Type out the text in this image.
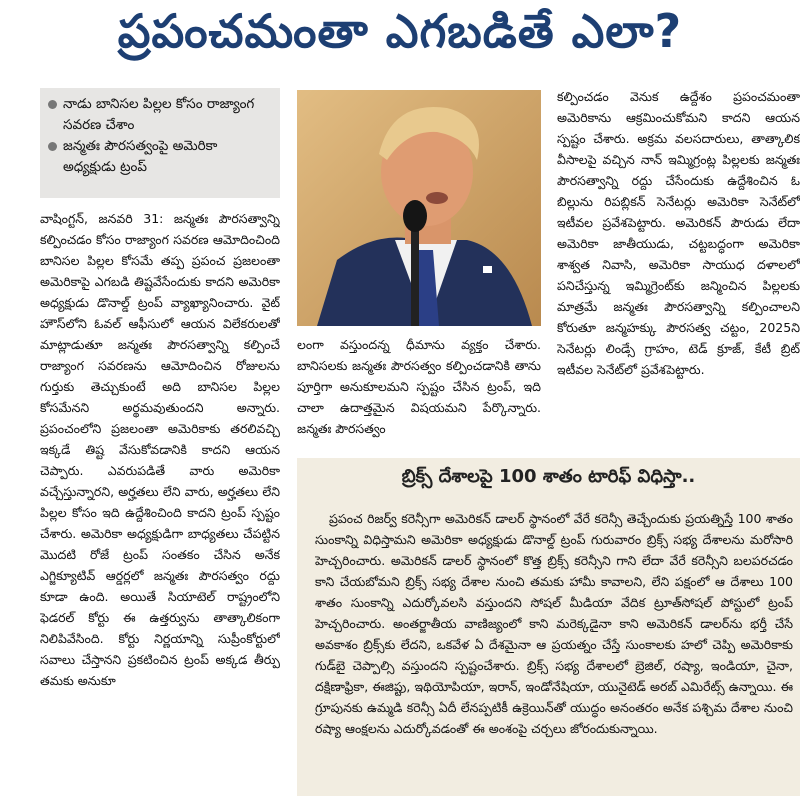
ప్రపంచమంతా ఎగబడితే ఎలా?
నాడు బానిసల పిల్లల కోసం రాజ్యాంగ సవరణ చేశాం
జన్మతః పౌరసత్వంపై అమెరికా అధ్యక్షుడు ట్రంప్
వాషింగ్టన్, జనవరి 31: జన్మతః పౌరసత్వాన్ని కల్పించడం కోసం రాజ్యాంగ సవరణ ఆమోదించింది బానిసల పిల్లల కోసమే తప్ప ప్రపంచ ప్రజలంతా అమెరికాపై ఎగబడి తిష్టవేసేందుకు కాదని అమెరికా అధ్యక్షుడు డొనాల్డ్ ట్రంప్ వ్యాఖ్యానించారు. వైట్ హౌస్‌లోని ఓవల్ ఆఫీసులో ఆయన విలేకరులతో మాట్లాడుతూ జన్మతః పౌరసత్వాన్ని కల్పించే రాజ్యాంగ సవరణను ఆమోదించిన రోజులను గుర్తుకు తెచ్చుకుంటే అది బానిసల పిల్లల కోసమేనని అర్థమవుతుందని అన్నారు. ప్రపంచంలోని ప్రజలంతా అమెరికాకు తరలివచ్చి ఇక్కడే తిష్ట వేసుకోవడానికి కాదని ఆయన చెప్పారు. ఎవరుపడితే వారు అమెరికా వచ్చేస్తున్నారని, అర్హతలు లేని వారు, అర్హతలు లేని పిల్లల కోసం ఇది ఉద్దేశించింది కాదని ట్రంప్ స్పష్టం చేశారు. అమెరికా అధ్యక్షుడిగా బాధ్యతలు చేపట్టిన మొదటి రోజే ట్రంప్ సంతకం చేసిన అనేక ఎగ్జిక్యూటివ్ ఆర్డర్లలో జన్మతః పౌరసత్వం రద్దు కూడా ఉంది. అయితే సియాటెల్ రాష్ట్రంలోని ఫెడరల్ కోర్టు ఈ ఉత్తర్వును తాత్కాలికంగా నిలిపివేసింది. కోర్టు నిర్ణయాన్ని సుప్రీంకోర్టులో సవాలు చేస్తానని ప్రకటించిన ట్రంప్ అక్కడ తీర్పు తమకు అనుకూ
లంగా వస్తుందన్న ధీమాను వ్యక్తం చేశారు. బానిసలకు జన్మతః పౌరసత్వం కల్పించడానికి తాను పూర్తిగా అనుకూలమని స్పష్టం చేసిన ట్రంప్, ఇది చాలా ఉదాత్తమైన విషయమని పేర్కొన్నారు. జన్మతః పౌరసత్వం
కల్పించడం వెనుక ఉద్దేశం ప్రపంచమంతా అమెరికాను ఆక్రమించుకోమని కాదని ఆయన స్పష్టం చేశారు. అక్రమ వలసదారులు, తాత్కాలిక వీసాలపై వచ్చిన నాన్ ఇమ్మిగ్రంట్ల పిల్లలకు జన్మతః పౌరసత్వాన్ని రద్దు చేసేందుకు ఉద్దేశించిన ఓ బిల్లును రిపబ్లికన్ సెనేటర్లు అమెరికా సెనేట్‌లో ఇటీవల ప్రవేశపెట్టారు. అమెరికన్ పౌరుడు లేదా అమెరికా జాతీయుడు, చట్టబద్ధంగా అమెరికా శాశ్వత నివాసి, అమెరికా సాయుధ దళాలలో పనిచేస్తున్న ఇమ్మిగ్రెంట్‌కు జన్మించిన పిల్లలకు మాత్రమే జన్మతః పౌరసత్వాన్ని కల్పించాలని కోరుతూ జన్మహక్కు పౌరసత్వ చట్టం, 2025ని సెనేటర్లు లిండ్సే గ్రాహం, టెడ్ క్రూజ్, కేటీ బ్రిట్ ఇటీవల సెనేట్‌లో ప్రవేశపెట్టారు.
బ్రిక్స్ దేశాలపై 100 శాతం టారిఫ్ విధిస్తా..
ప్రపంచ రిజర్వ్ కరెన్సీగా అమెరికన్ డాలర్ స్థానంలో వేరే కరెన్సీ తెచ్చేందుకు ప్రయత్నిస్తే 100 శాతం సుంకాన్ని విధిస్తామని అమెరికా అధ్యక్షుడు డొనాల్డ్ ట్రంప్ గురువారం బ్రిక్స్ సభ్య దేశాలను మరోసారి హెచ్చరించారు. అమెరికన్ డాలర్ స్థానంలో కొత్త బ్రిక్స్ కరెన్సీని గాని లేదా వేరే కరెన్సీని బలపరచడం కాని చేయబోమని బ్రిక్స్ సభ్య దేశాల నుంచి తమకు హామీ కావాలని, లేని పక్షంలో ఆ దేశాలు 100 శాతం సుంకాన్ని ఎదుర్కోవలసి వస్తుందని సోషల్ మీడియా వేదిక ట్రూత్‌సోషల్ పోస్టులో ట్రంప్ హెచ్చరించారు. అంతర్జాతీయ వాణిజ్యంలో కాని మరెక్కడైనా కాని అమెరికన్ డాలర్‌ను భర్తీ చేసే అవకాశం బ్రిక్స్‌కు లేదని, ఒకవేళ ఏ దేశమైనా ఆ ప్రయత్నం చేస్తే సుంకాలకు హలో చెప్పి అమెరికాకు గుడ్‌బై చెప్పాల్సి వస్తుందని స్పష్టంచేశారు. బ్రిక్స్ సభ్య దేశాలలో బ్రెజిల్, రష్యా, ఇండియా, చైనా, దక్షిణాఫ్రికా, ఈజిప్టు, ఇథియోపియా, ఇరాన్, ఇండోనేషియా, యునైటెడ్ అరబ్ ఎమిరేట్స్ ఉన్నాయి. ఈ గ్రూపునకు ఉమ్మడి కరెన్సీ ఏదీ లేనప్పటికీ ఉక్రెయిన్‌తో యుద్ధం అనంతరం అనేక పశ్చిమ దేశాల నుంచి రష్యా ఆంక్షలను ఎదుర్కోవడంతో ఈ అంశంపై చర్చలు జోరందుకున్నాయి.
